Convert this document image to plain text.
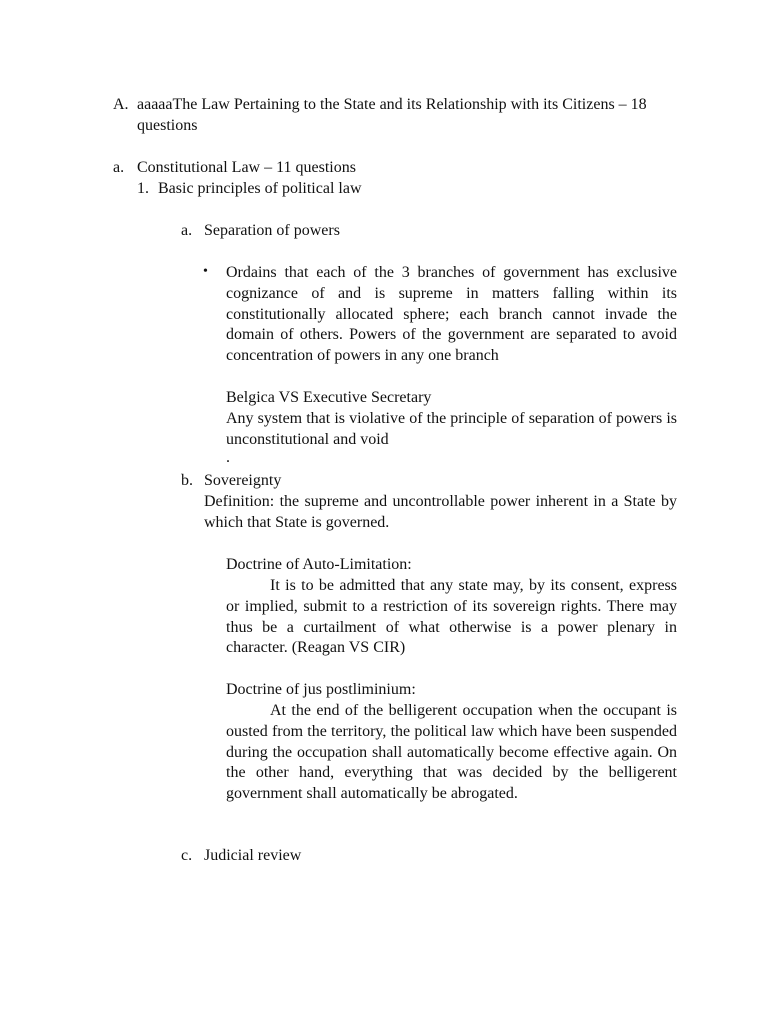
A. aaaaaThe Law Pertaining to the State and its Relationship with its Citizens – 18 questions
a. Constitutional Law – 11 questions
1. Basic principles of political law
a. Separation of powers
• Ordains that each of the 3 branches of government has exclusive cognizance of and is supreme in matters falling within its constitutionally allocated sphere; each branch cannot invade the domain of others. Powers of the government are separated to avoid concentration of powers in any one branch
Belgica VS Executive Secretary
Any system that is violative of the principle of separation of powers is unconstitutional and void
.
b. Sovereignty
Definition: the supreme and uncontrollable power inherent in a State by which that State is governed.
Doctrine of Auto-Limitation:
It is to be admitted that any state may, by its consent, express or implied, submit to a restriction of its sovereign rights. There may thus be a curtailment of what otherwise is a power plenary in character. (Reagan VS CIR)
Doctrine of jus postliminium:
At the end of the belligerent occupation when the occupant is ousted from the territory, the political law which have been suspended during the occupation shall automatically become effective again. On the other hand, everything that was decided by the belligerent government shall automatically be abrogated.
c. Judicial review
